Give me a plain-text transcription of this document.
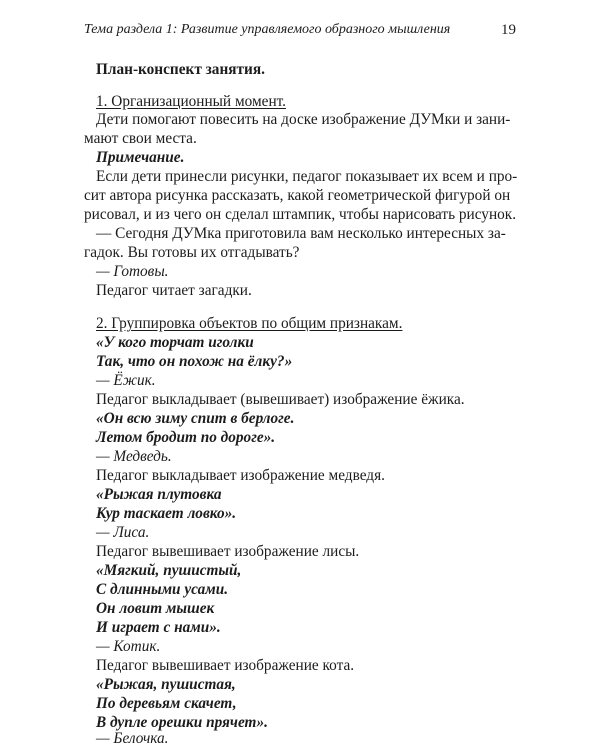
Тема раздела 1: Развитие управляемого образного мышления	19
План-конспект занятия.
1. Организационный момент.
Дети помогают повесить на доске изображение ДУМки и зани-
мают свои места.
Примечание.
Если дети принесли рисунки, педагог показывает их всем и про-
сит автора рисунка рассказать, какой геометрической фигурой он
рисовал, и из чего он сделал штампик, чтобы нарисовать рисунок.
— Сегодня ДУМка приготовила вам несколько интересных за-
гадок. Вы готовы их отгадывать?
— Готовы.
Педагог читает загадки.
2. Группировка объектов по общим признакам.
«У кого торчат иголки
Так, что он похож на ёлку?»
— Ёжик.
Педагог выкладывает (вывешивает) изображение ёжика.
«Он всю зиму спит в берлоге.
Летом бродит по дороге».
— Медведь.
Педагог выкладывает изображение медведя.
«Рыжая плутовка
Кур таскает ловко».
— Лиса.
Педагог вывешивает изображение лисы.
«Мягкий, пушистый,
С длинными усами.
Он ловит мышек
И играет с нами».
— Котик.
Педагог вывешивает изображение кота.
«Рыжая, пушистая,
По деревьям скачет,
В дупле орешки прячет».
— Белочка.
